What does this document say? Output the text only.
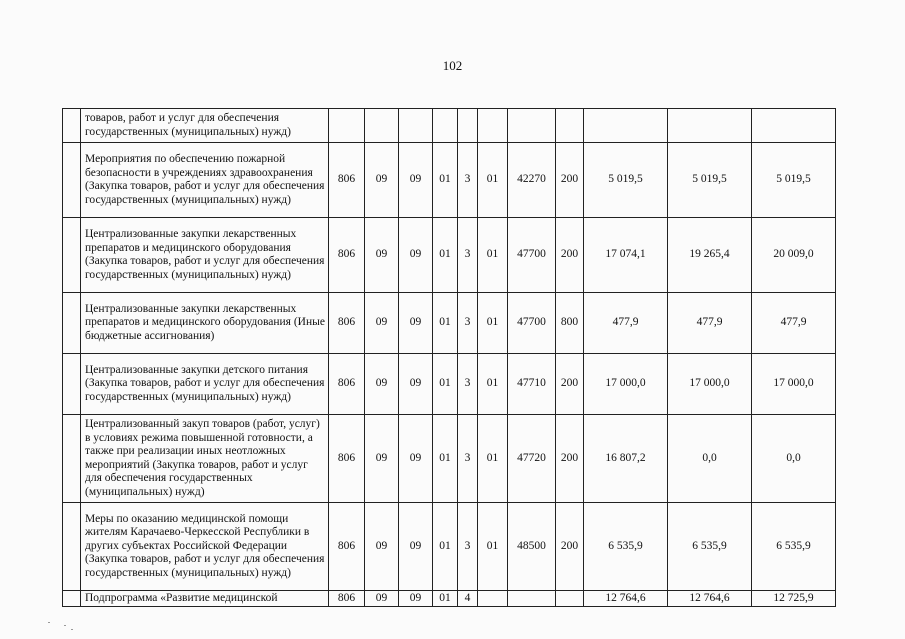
102
	товаров, работ и услуг для обеспечения государственных (муниципальных) нужд)											
	Мероприятия по обеспечению пожарной безопасности в учреждениях здравоохранения (Закупка товаров, работ и услуг для обеспечения государственных (муниципальных) нужд)	806	09	09	01	3	01	42270	200	5 019,5	5 019,5	5 019,5
	Централизованные закупки лекарственных препаратов и медицинского оборудования (Закупка товаров, работ и услуг для обеспечения государственных (муниципальных) нужд)	806	09	09	01	3	01	47700	200	17 074,1	19 265,4	20 009,0
	Централизованные закупки лекарственных препаратов и медицинского оборудования (Иные бюджетные ассигнования)	806	09	09	01	3	01	47700	800	477,9	477,9	477,9
	Централизованные закупки детского питания (Закупка товаров, работ и услуг для обеспечения государственных (муниципальных) нужд)	806	09	09	01	3	01	47710	200	17 000,0	17 000,0	17 000,0
	Централизованный закуп товаров (работ, услуг) в условиях режима повышенной готовности, а также при реализации иных неотложных мероприятий (Закупка товаров, работ и услуг для обеспечения государственных (муниципальных) нужд)	806	09	09	01	3	01	47720	200	16 807,2	0,0	0,0
	Меры по оказанию медицинской помощи жителям Карачаево-Черкесской Республики в других субъектах Российской Федерации (Закупка товаров, работ и услуг для обеспечения государственных (муниципальных) нужд)	806	09	09	01	3	01	48500	200	6 535,9	6 535,9	6 535,9
	Подпрограмма «Развитие медицинской	806	09	09	01	4				12 764,6	12 764,6	12 725,9
